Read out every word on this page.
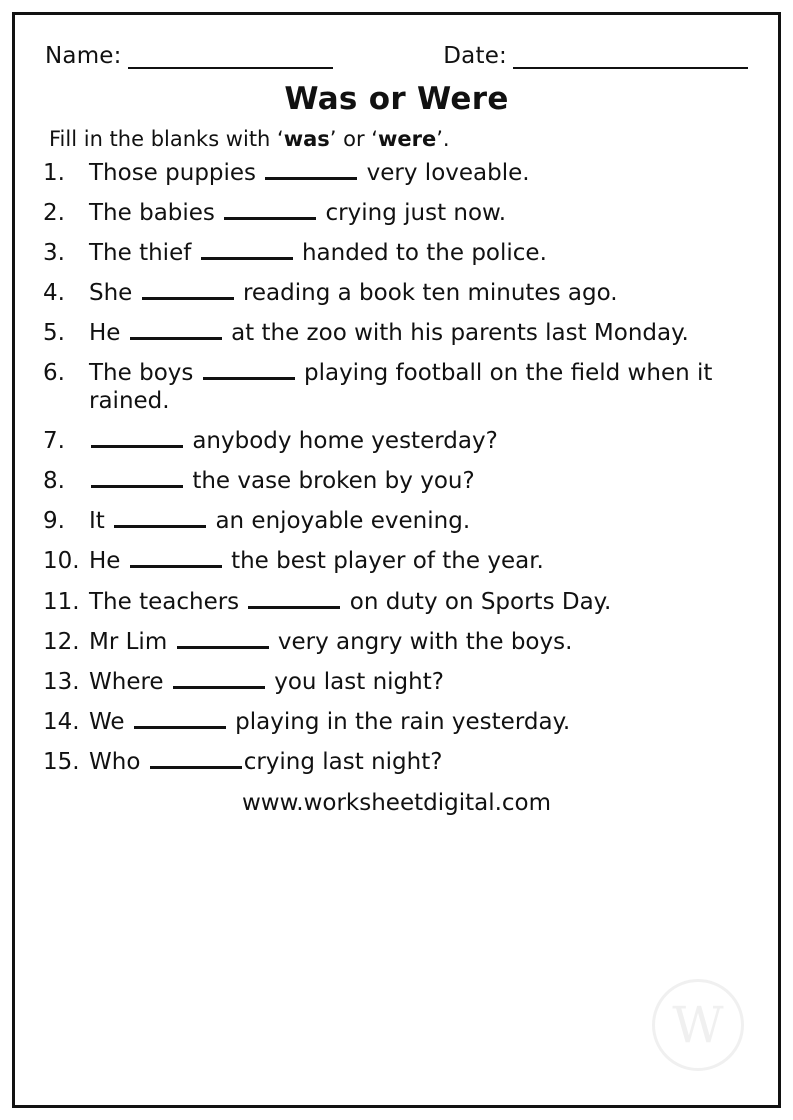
Name:	Date:
Was or Were
Fill in the blanks with ‘was’ or ‘were’.
1.	Those puppies	very loveable.
2.	The babies	crying just now.
3.	The thief	handed to the police.
4.	She	reading a book ten minutes ago.
5.	He	at the zoo with his parents last Monday.
6.	The boys	playing football on the field when it rained.
7.	anybody home yesterday?
8.	the vase broken by you?
9.	It	an enjoyable evening.
10. He	the best player of the year.
11. The teachers	on duty on Sports Day.
12. Mr Lim	very angry with the boys.
13. Where	you last night?
14. We	playing in the rain yesterday.
15. Who	crying last night?
www.worksheetdigital.com
W
